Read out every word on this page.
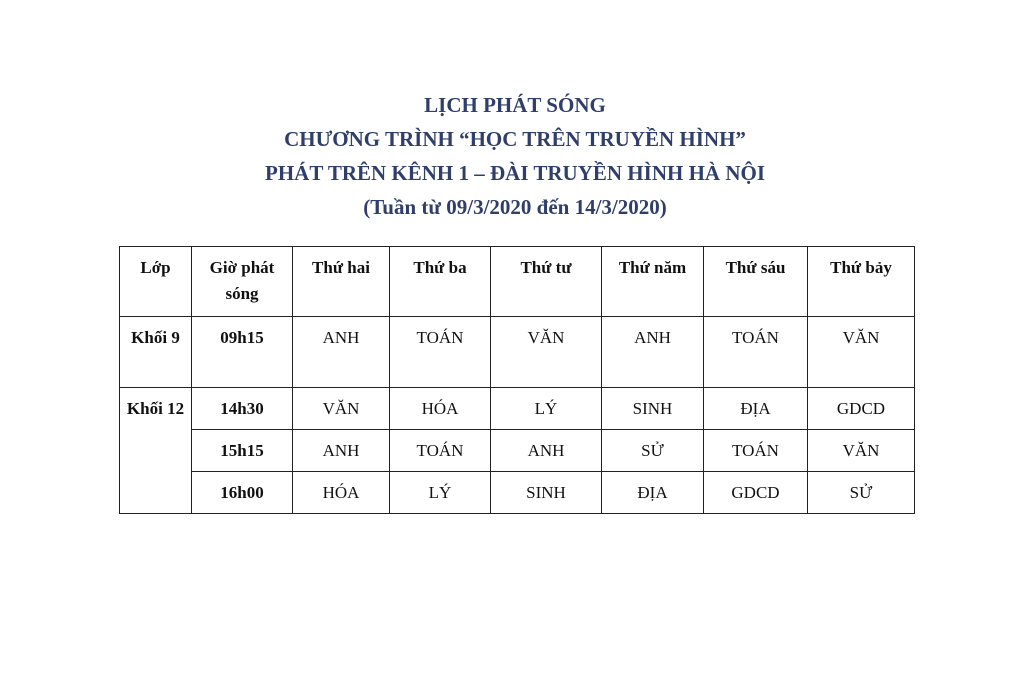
LỊCH PHÁT SÓNG
CHƯƠNG TRÌNH “HỌC TRÊN TRUYỀN HÌNH”
PHÁT TRÊN KÊNH 1 – ĐÀI TRUYỀN HÌNH HÀ NỘI
(Tuần từ 09/3/2020 đến 14/3/2020)
Lớp	Giờ phát sóng	Thứ hai	Thứ ba	Thứ tư	Thứ năm	Thứ sáu	Thứ bảy
Khối 9	09h15	ANH	TOÁN	VĂN	ANH	TOÁN	VĂN
Khối 12	14h30	VĂN	HÓA	LÝ	SINH	ĐỊA	GDCD
	15h15	ANH	TOÁN	ANH	SỬ	TOÁN	VĂN
	16h00	HÓA	LÝ	SINH	ĐỊA	GDCD	SỬ
